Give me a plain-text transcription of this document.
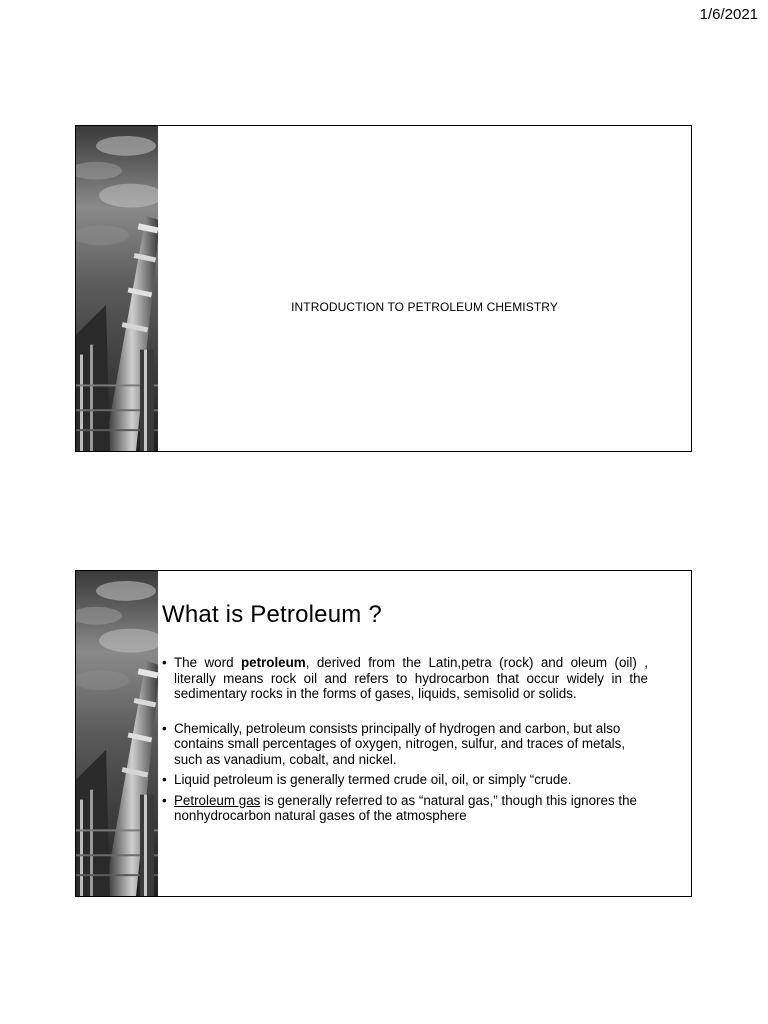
1/6/2021
INTRODUCTION TO PETROLEUM CHEMISTRY
What is Petroleum ?
• The word petroleum, derived from the Latin,petra (rock) and oleum (oil) , literally means rock oil and refers to hydrocarbon that occur widely in the sedimentary rocks in the forms of gases, liquids, semisolid or solids.
• Chemically, petroleum consists principally of hydrogen and carbon, but also contains small percentages of oxygen, nitrogen, sulfur, and traces of metals, such as vanadium, cobalt, and nickel.
• Liquid petroleum is generally termed crude oil, oil, or simply “crude.
• Petroleum gas is generally referred to as “natural gas,” though this ignores the nonhydrocarbon natural gases of the atmosphere
